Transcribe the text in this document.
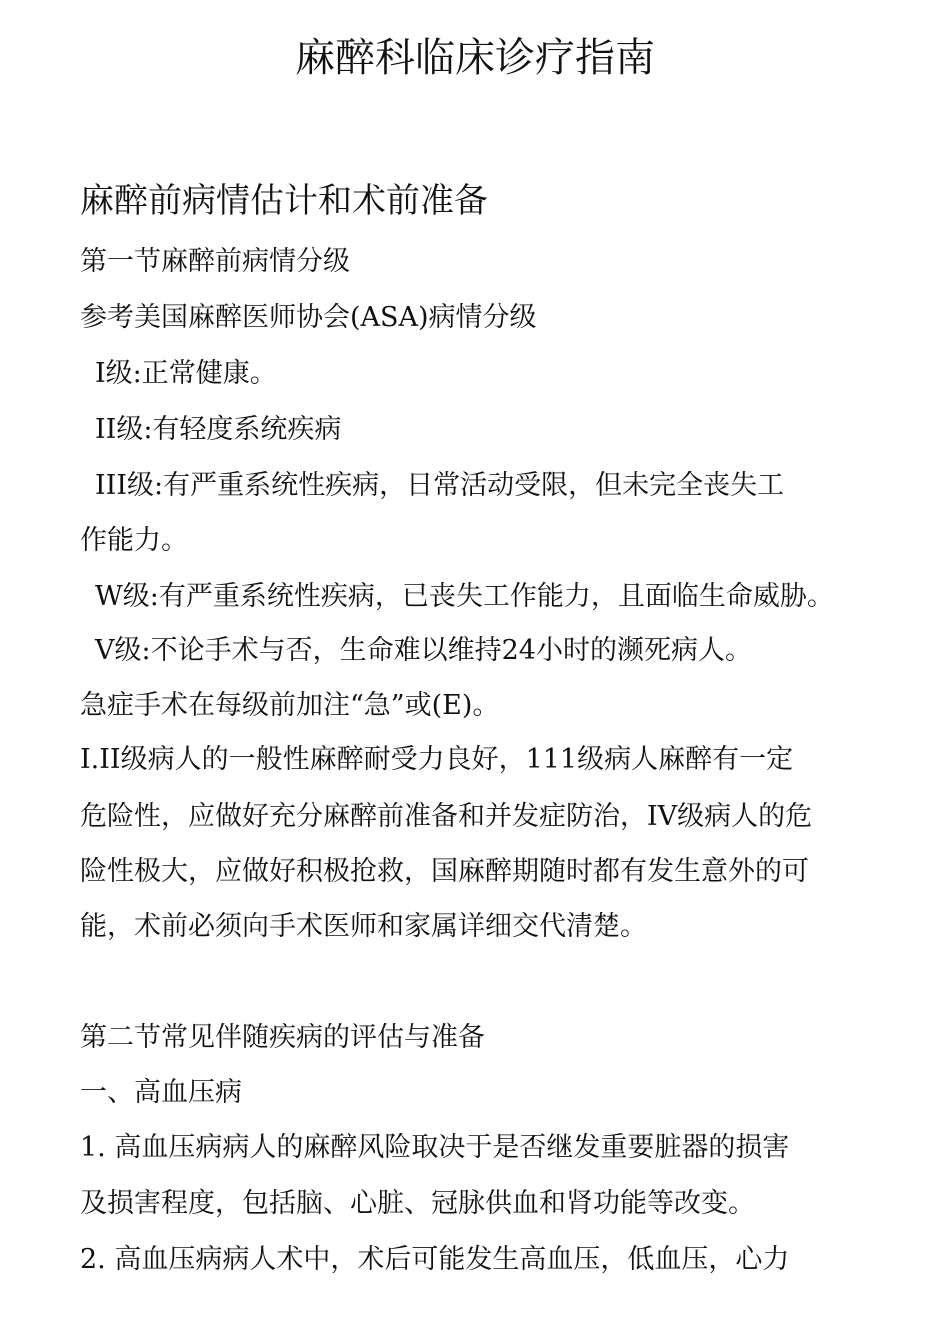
麻醉科临床诊疗指南
麻醉前病情估计和术前准备
第一节麻醉前病情分级
参考美国麻醉医师协会(ASA)病情分级
I级:正常健康。
II级:有轻度系统疾病
III级:有严重系统性疾病，日常活动受限，但未完全丧失工
作能力。
W级:有严重系统性疾病，已丧失工作能力，且面临生命威胁。
V级:不论手术与否，生命难以维持24小时的濒死病人。
急症手术在每级前加注“急”或(E)。
I.II级病人的一般性麻醉耐受力良好，111级病人麻醉有一定
危险性，应做好充分麻醉前准备和并发症防治，IV级病人的危
险性极大，应做好积极抢救，国麻醉期随时都有发生意外的可
能，术前必须向手术医师和家属详细交代清楚。
第二节常见伴随疾病的评估与准备
一、高血压病
1. 高血压病病人的麻醉风险取决于是否继发重要脏器的损害
及损害程度，包括脑、心脏、冠脉供血和肾功能等改变。
2. 高血压病病人术中，术后可能发生高血压，低血压，心力
